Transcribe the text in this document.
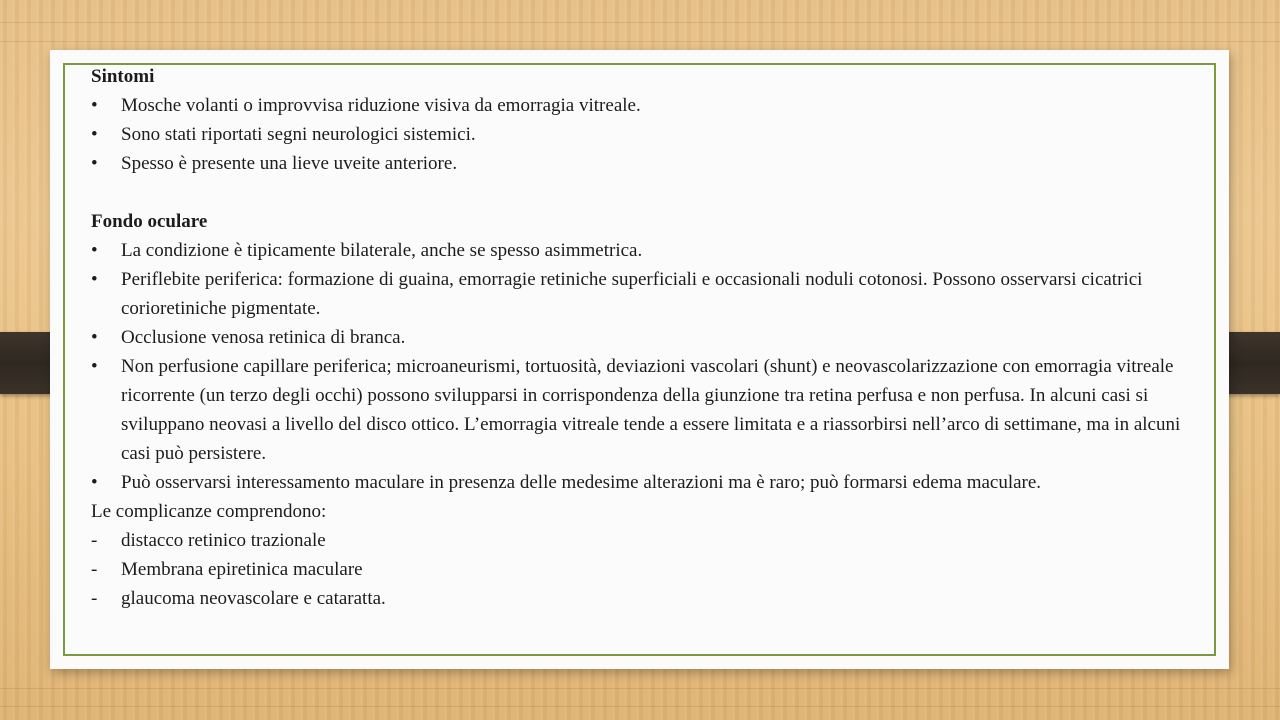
Sintomi
•	Mosche volanti o improvvisa riduzione visiva da emorragia vitreale.
•	Sono stati riportati segni neurologici sistemici.
•	Spesso è presente una lieve uveite anteriore.
Fondo oculare
•	La condizione è tipicamente bilaterale, anche se spesso asimmetrica.
•	Periflebite periferica: formazione di guaina, emorragie retiniche superficiali e occasionali noduli cotonosi. Possono osservarsi cicatrici corioretiniche pigmentate.
•	Occlusione venosa retinica di branca.
•	Non perfusione capillare periferica; microaneurismi, tortuosità, deviazioni vascolari (shunt) e neovascolarizzazione con emorragia vitreale ricorrente (un terzo degli occhi) possono svilupparsi in corrispondenza della giunzione tra retina perfusa e non perfusa. In alcuni casi si sviluppano neovasi a livello del disco ottico. L’emorragia vitreale tende a essere limitata e a riassorbirsi nell’arco di settimane, ma in alcuni casi può persistere.
•	Può osservarsi interessamento maculare in presenza delle medesime alterazioni ma è raro; può formarsi edema maculare.
Le complicanze comprendono:
-	distacco retinico trazionale
-	Membrana epiretinica maculare
-	glaucoma neovascolare e cataratta.
